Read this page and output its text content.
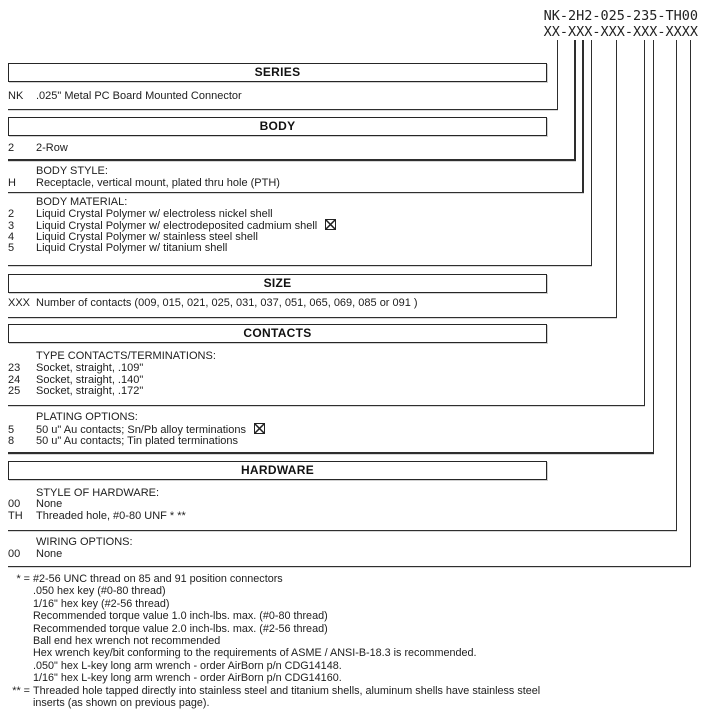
NK-2H2-025-235-TH00
XX-XXX-XXX-XXX-XXXX
SERIES
NK .025" Metal PC Board Mounted Connector
BODY
2 2-Row
BODY STYLE:
H Receptacle, vertical mount, plated thru hole (PTH)
BODY MATERIAL:
2 Liquid Crystal Polymer w/ electroless nickel shell
3 Liquid Crystal Polymer w/ electrodeposited cadmium shell
4 Liquid Crystal Polymer w/ stainless steel shell
5 Liquid Crystal Polymer w/ titanium shell
SIZE
XXX Number of contacts (009, 015, 021, 025, 031, 037, 051, 065, 069, 085 or 091 )
CONTACTS
TYPE CONTACTS/TERMINATIONS:
23 Socket, straight, .109"
24 Socket, straight, .140"
25 Socket, straight, .172"
PLATING OPTIONS:
5 50 u" Au contacts; Sn/Pb alloy terminations
8 50 u" Au contacts; Tin plated terminations
HARDWARE
STYLE OF HARDWARE:
00 None
TH Threaded hole, #0-80 UNF * **
WIRING OPTIONS:
00 None
* = #2-56 UNC thread on 85 and 91 position connectors
.050 hex key (#0-80 thread)
1/16" hex key (#2-56 thread)
Recommended torque value 1.0 inch-lbs. max. (#0-80 thread)
Recommended torque value 2.0 inch-lbs. max. (#2-56 thread)
Ball end hex wrench not recommended
Hex wrench key/bit conforming to the requirements of ASME / ANSI-B-18.3 is recommended.
.050" hex L-key long arm wrench - order AirBorn p/n CDG14148.
1/16" hex L-key long arm wrench - order AirBorn p/n CDG14160.
** = Threaded hole tapped directly into stainless steel and titanium shells, aluminum shells have stainless steel
inserts (as shown on previous page).
